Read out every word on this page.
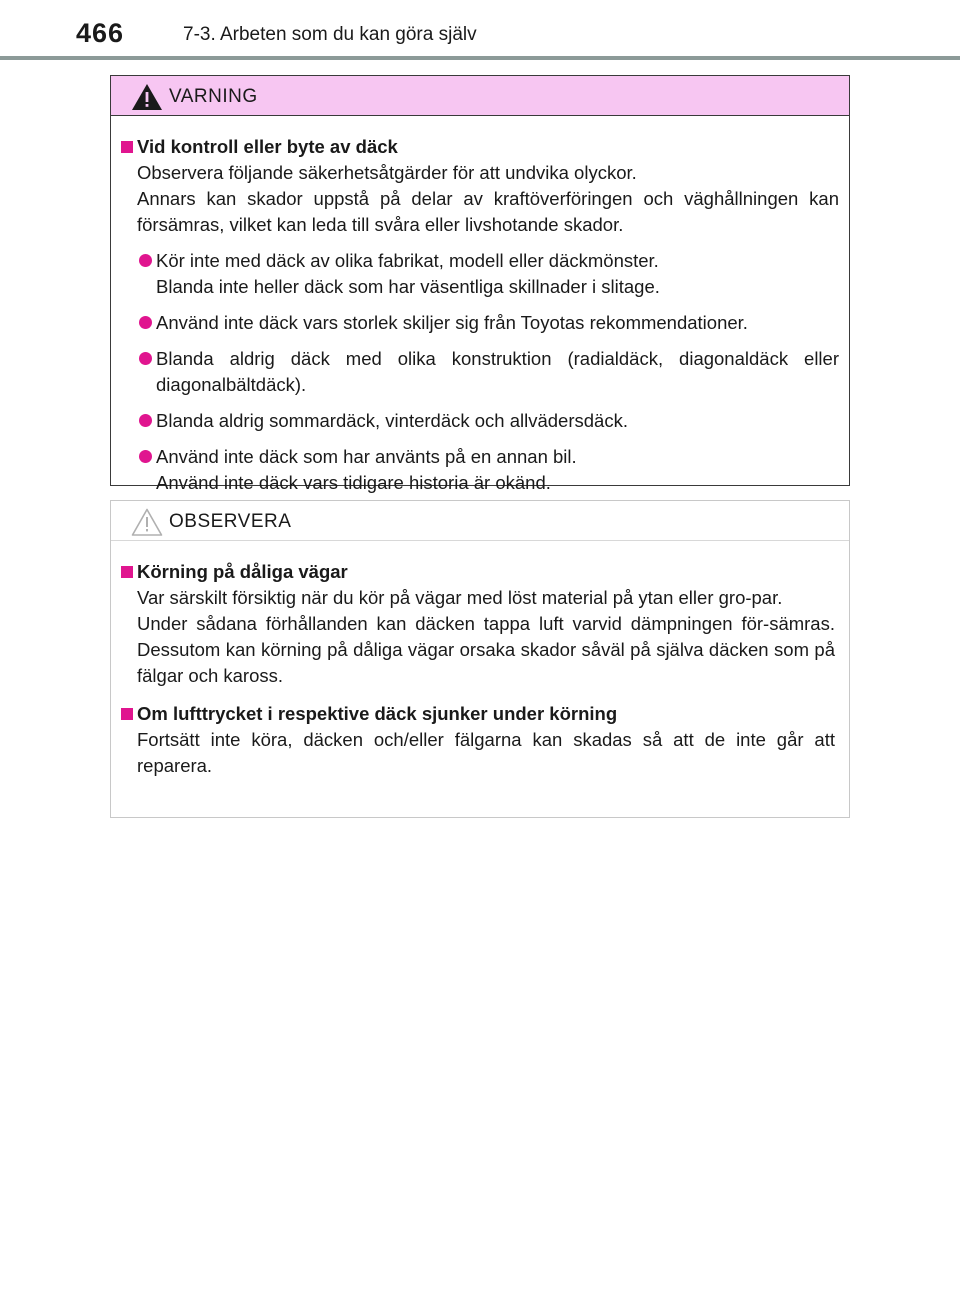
466	7-3. Arbeten som du kan göra själv
VARNING
Vid kontroll eller byte av däck
Observera följande säkerhetsåtgärder för att undvika olyckor.
Annars kan skador uppstå på delar av kraftöverföringen och väghållningen kan försämras, vilket kan leda till svåra eller livshotande skador.
Kör inte med däck av olika fabrikat, modell eller däckmönster.
Blanda inte heller däck som har väsentliga skillnader i slitage.
Använd inte däck vars storlek skiljer sig från Toyotas rekommendationer.
Blanda aldrig däck med olika konstruktion (radialdäck, diagonaldäck eller diagonalbältdäck).
Blanda aldrig sommardäck, vinterdäck och allvädersdäck.
Använd inte däck som har använts på en annan bil.
Använd inte däck vars tidigare historia är okänd.
OBSERVERA
Körning på dåliga vägar
Var särskilt försiktig när du kör på vägar med löst material på ytan eller gro-par.
Under sådana förhållanden kan däcken tappa luft varvid dämpningen för-sämras. Dessutom kan körning på dåliga vägar orsaka skador såväl på själva däcken som på fälgar och kaross.
Om lufttrycket i respektive däck sjunker under körning
Fortsätt inte köra, däcken och/eller fälgarna kan skadas så att de inte går att reparera.
